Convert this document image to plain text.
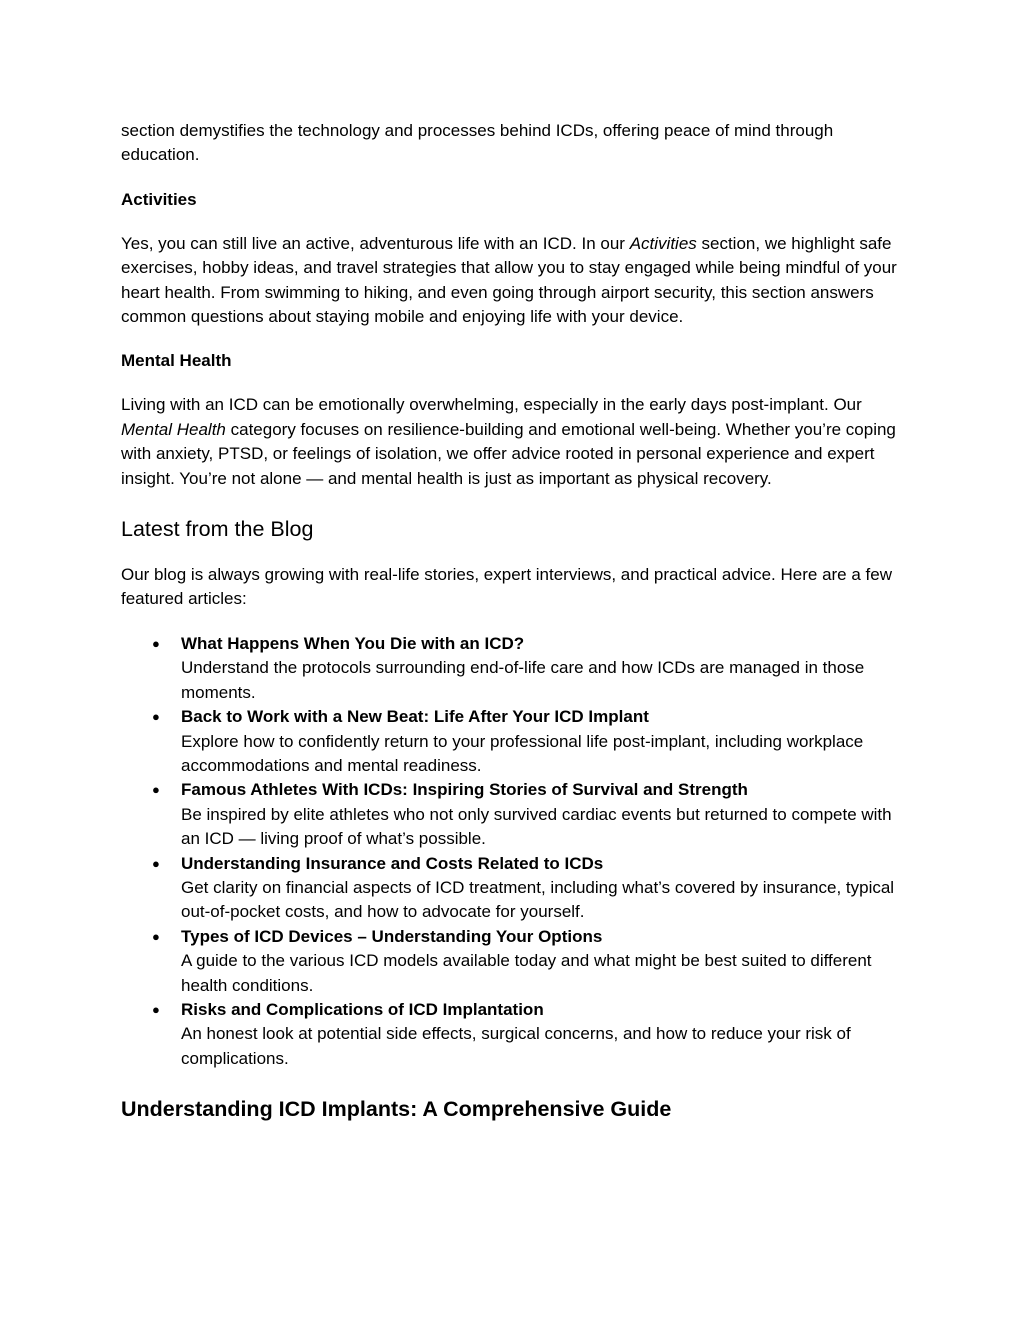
section demystifies the technology and processes behind ICDs, offering peace of mind through education.

Activities

Yes, you can still live an active, adventurous life with an ICD. In our Activities section, we highlight safe exercises, hobby ideas, and travel strategies that allow you to stay engaged while being mindful of your heart health. From swimming to hiking, and even going through airport security, this section answers common questions about staying mobile and enjoying life with your device.

Mental Health

Living with an ICD can be emotionally overwhelming, especially in the early days post-implant. Our Mental Health category focuses on resilience-building and emotional well-being. Whether you’re coping with anxiety, PTSD, or feelings of isolation, we offer advice rooted in personal experience and expert insight. You’re not alone — and mental health is just as important as physical recovery.

Latest from the Blog

Our blog is always growing with real-life stories, expert interviews, and practical advice. Here are a few featured articles:

● What Happens When You Die with an ICD?
Understand the protocols surrounding end-of-life care and how ICDs are managed in those moments.
● Back to Work with a New Beat: Life After Your ICD Implant
Explore how to confidently return to your professional life post-implant, including workplace accommodations and mental readiness.
● Famous Athletes With ICDs: Inspiring Stories of Survival and Strength
Be inspired by elite athletes who not only survived cardiac events but returned to compete with an ICD — living proof of what’s possible.
● Understanding Insurance and Costs Related to ICDs
Get clarity on financial aspects of ICD treatment, including what’s covered by insurance, typical out-of-pocket costs, and how to advocate for yourself.
● Types of ICD Devices – Understanding Your Options
A guide to the various ICD models available today and what might be best suited to different health conditions.
● Risks and Complications of ICD Implantation
An honest look at potential side effects, surgical concerns, and how to reduce your risk of complications.
Understanding ICD Implants: A Comprehensive Guide
